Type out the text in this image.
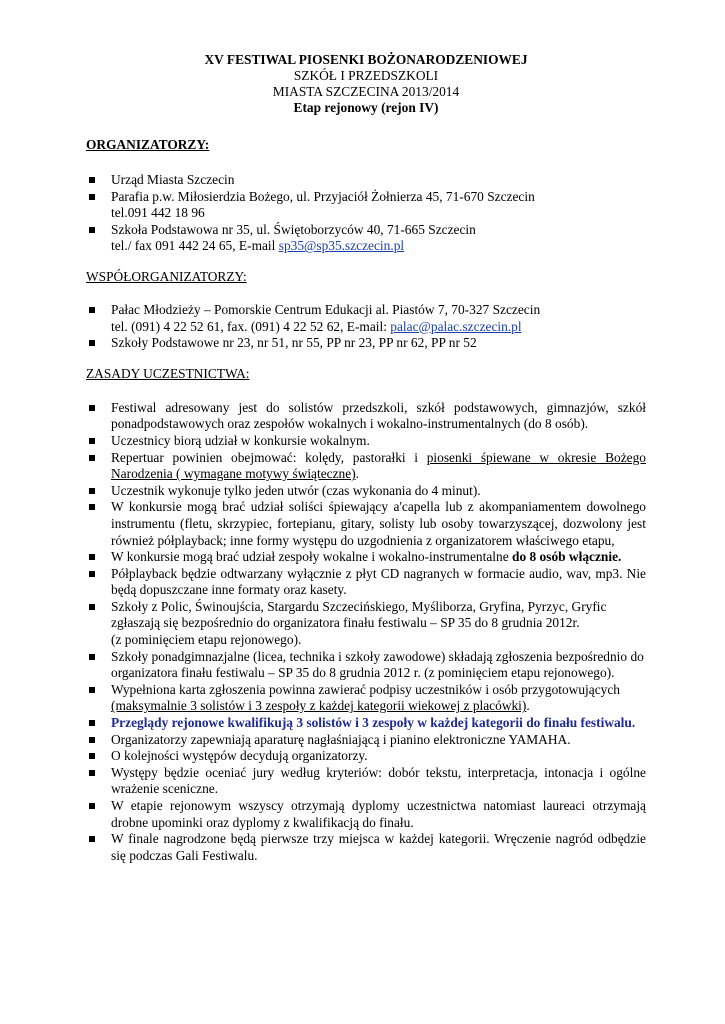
XV FESTIWAL PIOSENKI BOŻONARODZENIOWEJ
SZKÓŁ I PRZEDSZKOLI
MIASTA SZCZECINA 2013/2014
Etap rejonowy (rejon IV)

ORGANIZATORZY:

Urząd Miasta Szczecin
Parafia p.w. Miłosierdzia Bożego, ul. Przyjaciół Żołnierza 45, 71-670 Szczecin
tel.091 442 18 96
Szkoła Podstawowa nr 35, ul. Świętoborzyców 40, 71-665 Szczecin
tel./ fax 091 442 24 65, E-mail sp35@sp35.szczecin.pl

WSPÓŁORGANIZATORZY:

Pałac Młodzieży – Pomorskie Centrum Edukacji al. Piastów 7, 70-327 Szczecin
tel. (091) 4 22 52 61, fax. (091) 4 22 52 62, E-mail: palac@palac.szczecin.pl
Szkoły Podstawowe nr 23, nr 51, nr 55, PP nr 23, PP nr 62, PP nr 52

ZASADY UCZESTNICTWA:

Festiwal adresowany jest do solistów przedszkoli, szkół podstawowych, gimnazjów, szkół ponadpodstawowych oraz zespołów wokalnych i wokalno-instrumentalnych (do 8 osób).
Uczestnicy biorą udział w konkursie wokalnym.
Repertuar powinien obejmować: kolędy, pastorałki i piosenki śpiewane w okresie Bożego Narodzenia ( wymagane motywy świąteczne).
Uczestnik wykonuje tylko jeden utwór (czas wykonania do 4 minut).
W konkursie mogą brać udział soliści śpiewający a'capella lub z akompaniamentem dowolnego instrumentu (fletu, skrzypiec, fortepianu, gitary, solisty lub osoby towarzyszącej, dozwolony jest również półplayback; inne formy występu do uzgodnienia z organizatorem właściwego etapu,
W konkursie mogą brać udział zespoły wokalne i wokalno-instrumentalne do 8 osób włącznie.
Półplayback będzie odtwarzany wyłącznie z płyt CD nagranych w formacie audio, wav, mp3. Nie będą dopuszczane inne formaty oraz kasety.
Szkoły z Polic, Świnoujścia, Stargardu Szczecińskiego, Myśliborza, Gryfina, Pyrzyc, Gryfic
zgłaszają się bezpośrednio do organizatora finału festiwalu – SP 35 do 8 grudnia 2012r.
(z pominięciem etapu rejonowego).
Szkoły ponadgimnazjalne (licea, technika i szkoły zawodowe) składają zgłoszenia bezpośrednio do organizatora finału festiwalu – SP 35 do 8 grudnia 2012 r. (z pominięciem etapu rejonowego).
Wypełniona karta zgłoszenia powinna zawierać podpisy uczestników i osób przygotowujących
(maksymalnie 3 solistów i 3 zespoły z każdej kategorii wiekowej z placówki).
Przeglądy rejonowe kwalifikują 3 solistów i 3 zespoły w każdej kategorii do finału festiwalu.
Organizatorzy zapewniają aparaturę nagłaśniającą i pianino elektroniczne YAMAHA.
O kolejności występów decydują organizatorzy.
Występy będzie oceniać jury według kryteriów: dobór tekstu, interpretacja, intonacja i ogólne wrażenie sceniczne.
W etapie rejonowym wszyscy otrzymają dyplomy uczestnictwa natomiast laureaci otrzymają drobne upominki oraz dyplomy z kwalifikacją do finału.
W finale nagrodzone będą pierwsze trzy miejsca w każdej kategorii. Wręczenie nagród odbędzie się podczas Gali Festiwalu.
